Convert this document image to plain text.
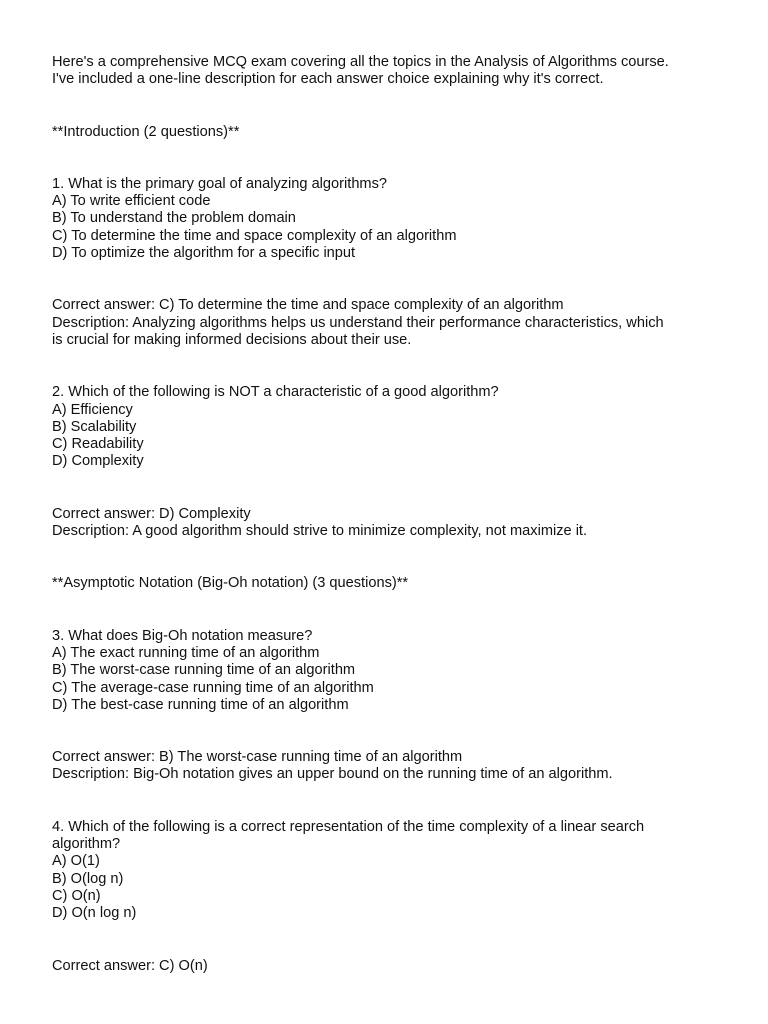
Here's a comprehensive MCQ exam covering all the topics in the Analysis of Algorithms course.
I've included a one-line description for each answer choice explaining why it's correct.
**Introduction (2 questions)**
1. What is the primary goal of analyzing algorithms?
A) To write efficient code
B) To understand the problem domain
C) To determine the time and space complexity of an algorithm
D) To optimize the algorithm for a specific input
Correct answer: C) To determine the time and space complexity of an algorithm
Description: Analyzing algorithms helps us understand their performance characteristics, which
is crucial for making informed decisions about their use.
2. Which of the following is NOT a characteristic of a good algorithm?
A) Efficiency
B) Scalability
C) Readability
D) Complexity
Correct answer: D) Complexity
Description: A good algorithm should strive to minimize complexity, not maximize it.
**Asymptotic Notation (Big-Oh notation) (3 questions)**
3. What does Big-Oh notation measure?
A) The exact running time of an algorithm
B) The worst-case running time of an algorithm
C) The average-case running time of an algorithm
D) The best-case running time of an algorithm
Correct answer: B) The worst-case running time of an algorithm
Description: Big-Oh notation gives an upper bound on the running time of an algorithm.
4. Which of the following is a correct representation of the time complexity of a linear search
algorithm?
A) O(1)
B) O(log n)
C) O(n)
D) O(n log n)
Correct answer: C) O(n)
